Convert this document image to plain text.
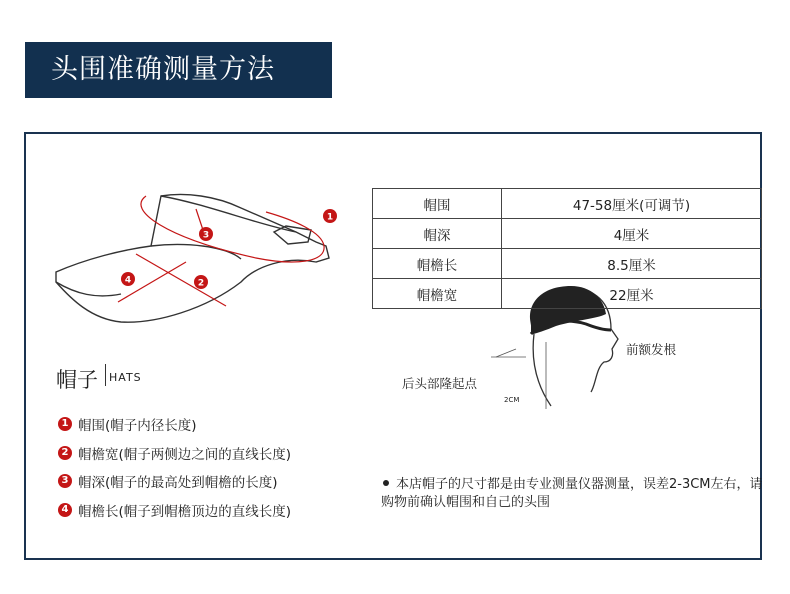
头围准确测量方法
1
2
3
4
帽围	47-58厘米(可调节)
帽深	4厘米
帽檐长	8.5厘米
帽檐宽	22厘米
帽子 HATS
1 帽围(帽子内径长度)
2 帽檐宽(帽子两侧边之间的直线长度)
3 帽深(帽子的最高处到帽檐的长度)
4 帽檐长(帽子到帽檐顶边的直线长度)
前额发根
后头部隆起点
2CM
本店帽子的尺寸都是由专业测量仪器测量，误差2-3CM左右，请购物前确认帽围和自己的头围
